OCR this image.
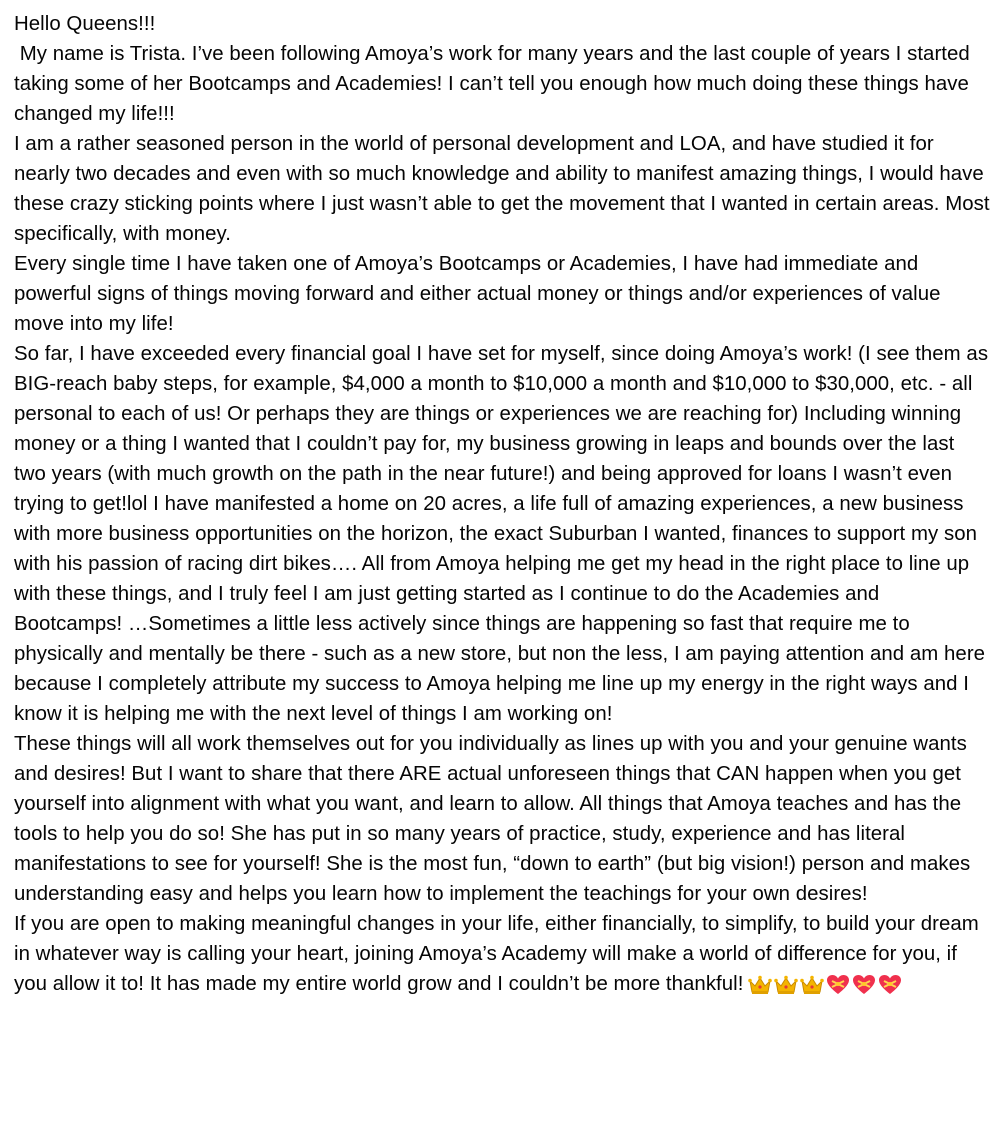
Hello Queens!!!

My name is Trista. I’ve been following Amoya’s work for many years and the last couple of years I started taking some of her Bootcamps and Academies! I can’t tell you enough how much doing these things have changed my life!!!

I am a rather seasoned person in the world of personal development and LOA, and have studied it for nearly two decades and even with so much knowledge and ability to manifest amazing things, I would have these crazy sticking points where I just wasn’t able to get the movement that I wanted in certain areas. Most specifically, with money.

Every single time I have taken one of Amoya’s Bootcamps or Academies, I have had immediate and powerful signs of things moving forward and either actual money or things and/or experiences of value move into my life!

So far, I have exceeded every financial goal I have set for myself, since doing Amoya’s work! (I see them as BIG-reach baby steps, for example, $4,000 a month to $10,000 a month and $10,000 to $30,000, etc. - all personal to each of us! Or perhaps they are things or experiences we are reaching for) Including winning money or a thing I wanted that I couldn’t pay for, my business growing in leaps and bounds over the last two years (with much growth on the path in the near future!) and being approved for loans I wasn’t even trying to get!lol I have manifested a home on 20 acres, a life full of amazing experiences, a new business with more business opportunities on the horizon, the exact Suburban I wanted, finances to support my son with his passion of racing dirt bikes…. All from Amoya helping me get my head in the right place to line up with these things, and I truly feel I am just getting started as I continue to do the Academies and Bootcamps! …Sometimes a little less actively since things are happening so fast that require me to physically and mentally be there - such as a new store, but non the less, I am paying attention and am here because I completely attribute my success to Amoya helping me line up my energy in the right ways and I know it is helping me with the next level of things I am working on!

These things will all work themselves out for you individually as lines up with you and your genuine wants and desires! But I want to share that there ARE actual unforeseen things that CAN happen when you get yourself into alignment with what you want, and learn to allow. All things that Amoya teaches and has the tools to help you do so! She has put in so many years of practice, study, experience and has literal manifestations to see for yourself! She is the most fun, “down to earth” (but big vision!) person and makes understanding easy and helps you learn how to implement the teachings for your own desires!

If you are open to making meaningful changes in your life, either financially, to simplify, to build your dream in whatever way is calling your heart, joining Amoya’s Academy will make a world of difference for you, if you allow it to! It has made my entire world grow and I couldn’t be more thankful!
